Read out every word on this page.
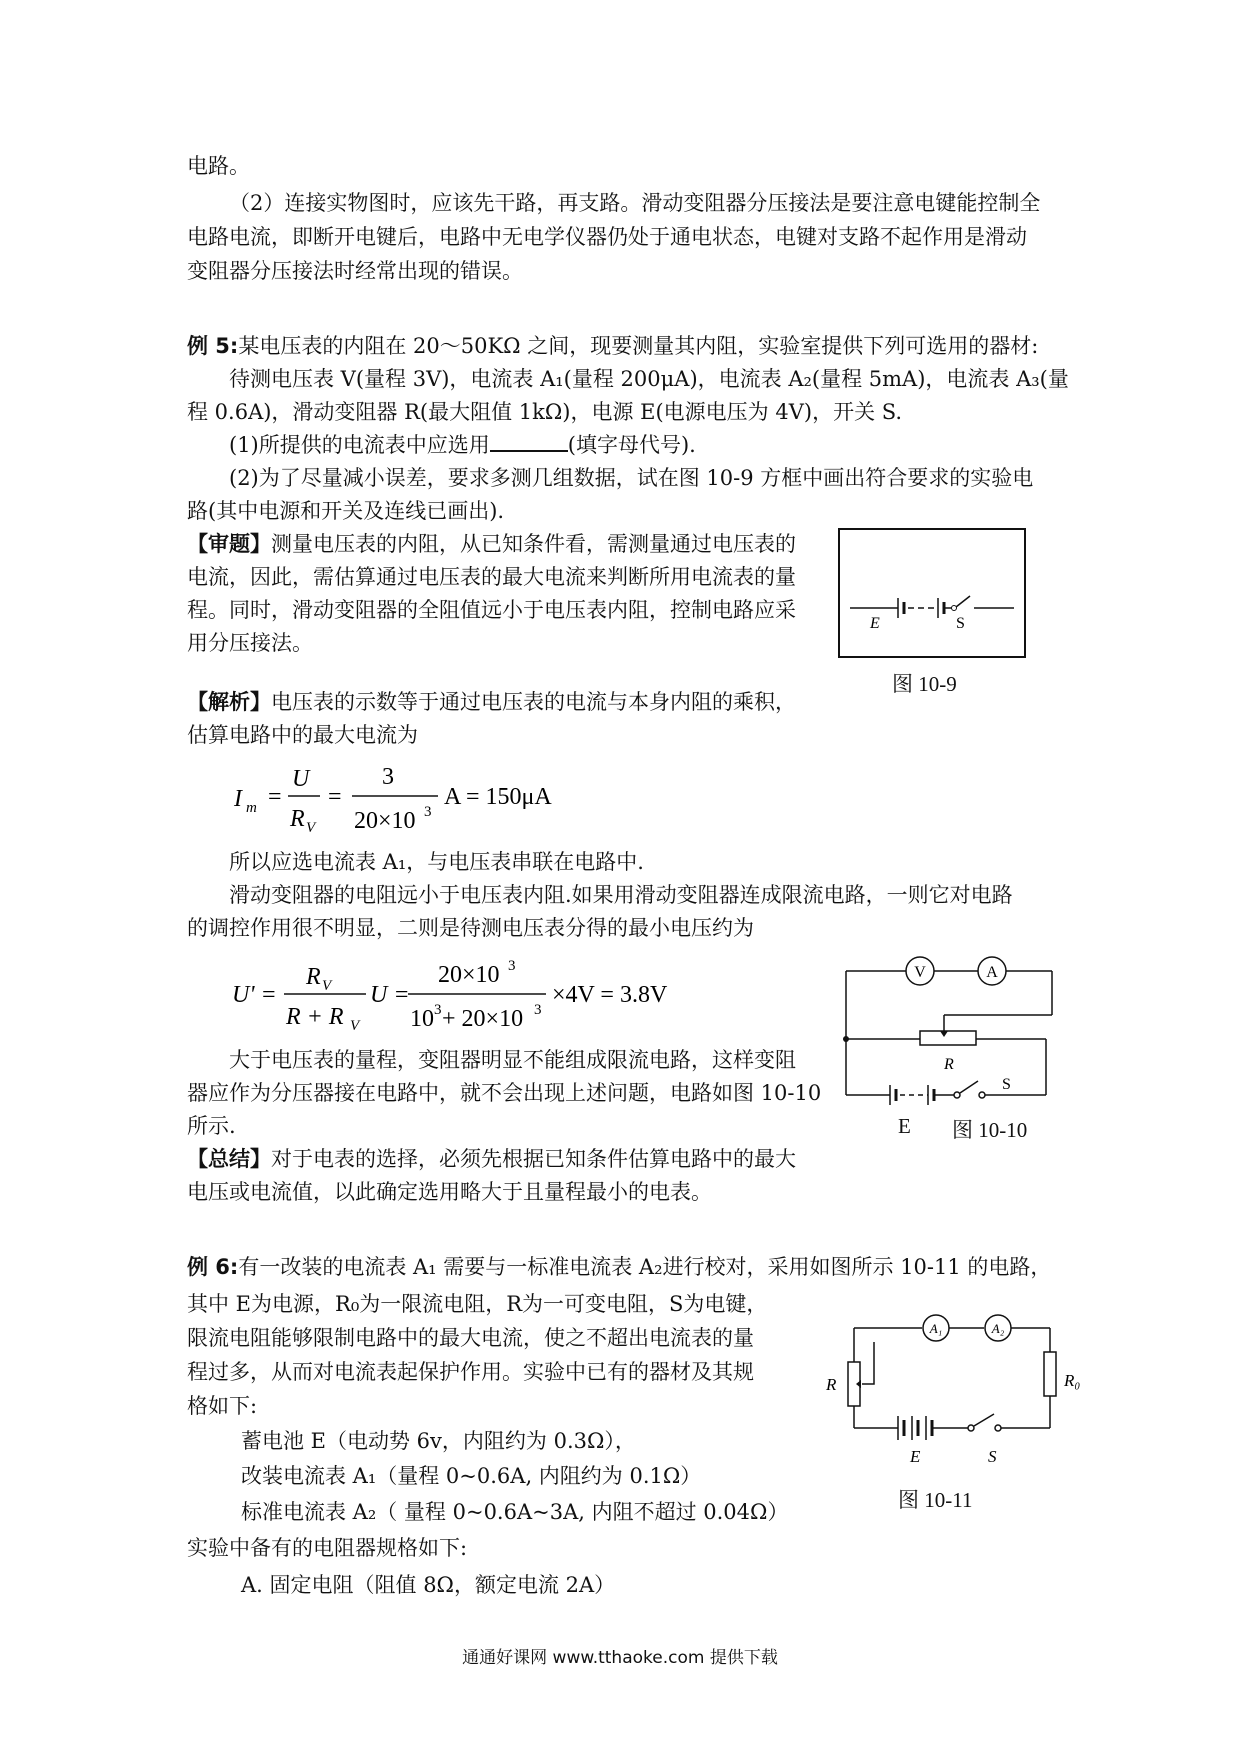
电路。
（2）连接实物图时，应该先干路，再支路。滑动变阻器分压接法是要注意电键能控制全
电路电流，即断开电键后，电路中无电学仪器仍处于通电状态，电键对支路不起作用是滑动
变阻器分压接法时经常出现的错误。
例 5:某电压表的内阻在 20～50KΩ 之间，现要测量其内阻，实验室提供下列可选用的器材:
待测电压表 V(量程 3V)，电流表 A₁(量程 200μA)，电流表 A₂(量程 5mA)，电流表 A₃(量
程 0.6A)，滑动变阻器 R(最大阻值 1kΩ)，电源 E(电源电压为 4V)，开关 S.
(1)所提供的电流表中应选用	(填字母代号).
(2)为了尽量减小误差，要求多测几组数据，试在图 10-9 方框中画出符合要求的实验电
路(其中电源和开关及连线已画出).
【审题】测量电压表的内阻，从已知条件看，需测量通过电压表的
电流，因此，需估算通过电压表的最大电流来判断所用电流表的量
程。同时，滑动变阻器的全阻值远小于电压表内阻，控制电路应采
用分压接法。
E	S
图 10-9
【解析】电压表的示数等于通过电压表的电流与本身内阻的乘积，
估算电路中的最大电流为
I m =
U
R V
=
3
20×10 3
A = 150μA
所以应选电流表 A₁，与电压表串联在电路中.
滑动变阻器的电阻远小于电压表内阻.如果用滑动变阻器连成限流电路，一则它对电路
的调控作用很不明显，二则是待测电压表分得的最小电压约为
U' =
R V
R + R V
U =
20×10 3
10 3 + 20×10 3
×4V = 3.8V
V	A
R
S
E 图 10-10
大于电压表的量程，变阻器明显不能组成限流电路，这样变阻
器应作为分压器接在电路中，就不会出现上述问题，电路如图 10-10
所示.
【总结】对于电表的选择，必须先根据已知条件估算电路中的最大
电压或电流值，以此确定选用略大于且量程最小的电表。
例 6:有一改装的电流表 A₁ 需要与一标准电流表 A₂进行校对，采用如图所示 10-11 的电路，
其中 E为电源，R₀为一限流电阻，R为一可变电阻，S为电键，
限流电阻能够限制电路中的最大电流，使之不超出电流表的量
程过多，从而对电流表起保护作用。实验中已有的器材及其规
格如下:
蓄电池 E（电动势 6v，内阻约为 0.3Ω），
改装电流表 A₁（量程 0~0.6A, 内阻约为 0.1Ω）
标准电流表 A₂（ 量程 0~0.6A~3A, 内阻不超过 0.04Ω）
实验中备有的电阻器规格如下:
A. 固定电阻（阻值 8Ω，额定电流 2A）
A₁	A₂
R	R₀
E	S
图 10-11
通通好课网 www.tthaoke.com 提供下载
